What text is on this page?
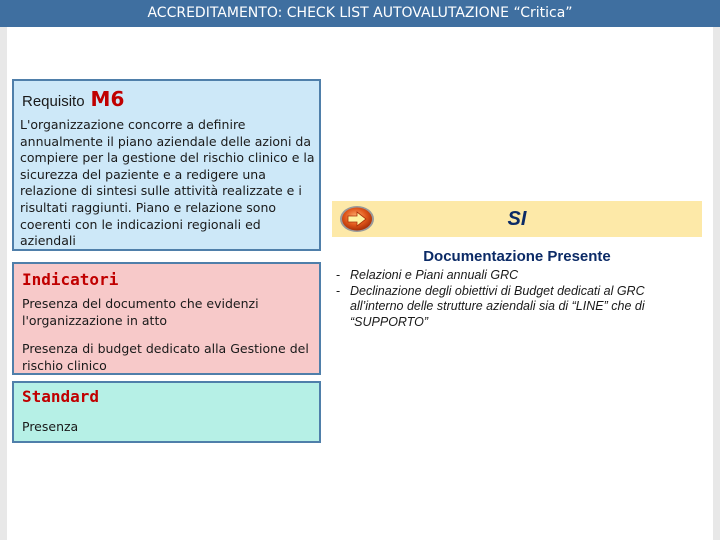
ACCREDITAMENTO: CHECK LIST AUTOVALUTAZIONE “Critica”
Requisito M6
L'organizzazione concorre a definire annualmente il piano aziendale delle azioni da compiere per la gestione del rischio clinico e la sicurezza del paziente e a redigere una relazione di sintesi sulle attività realizzate e i risultati raggiunti. Piano e relazione sono coerenti con le indicazioni regionali ed aziendali
Indicatori
Presenza del documento che evidenzi l'organizzazione in atto
Presenza di budget dedicato alla Gestione del rischio clinico
Standard
Presenza
SI
Documentazione Presente
- Relazioni e Piani annuali GRC
- Declinazione degli obiettivi di Budget dedicati al GRC all’interno delle strutture aziendali sia di “LINE” che di “SUPPORTO”
